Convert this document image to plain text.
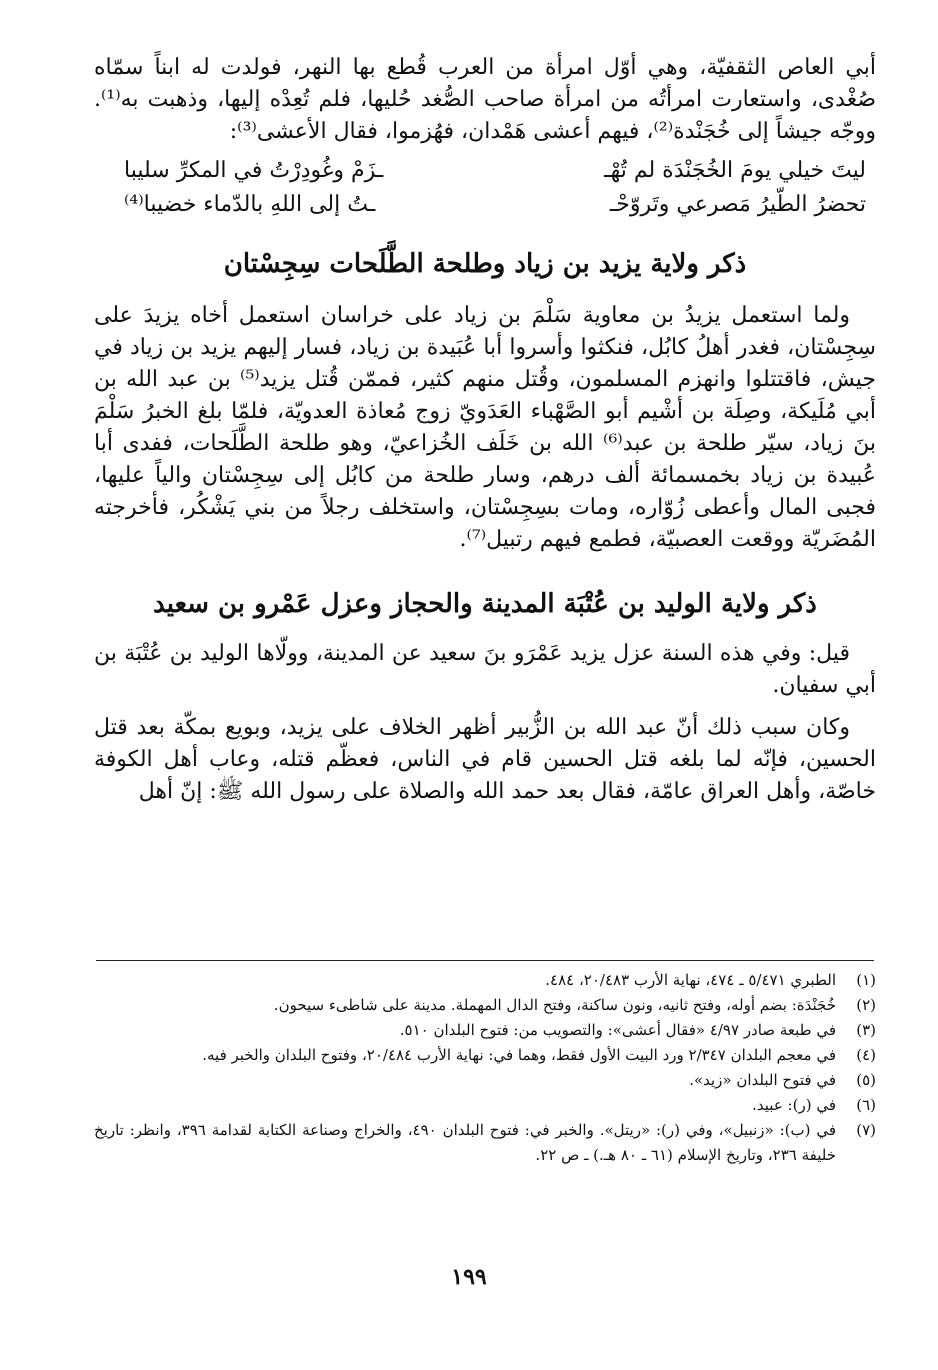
أبي العاص الثقفيّة، وهي أوّل امرأة من العرب قُطع بها النهر، فولدت له ابناً سمّاه صُغْدى، واستعارت امرأتُه من امرأة صاحب الصُّغد حُليها، فلم تُعِدْه إليها، وذهبت به⁽¹⁾. ووجّه جيشاً إلى خُجَنْدة⁽²⁾، فيهم أعشى هَمْدان، فهُزموا، فقال الأعشى⁽³⁾:

ليتَ خيلي يومَ الخُجَنْدَة لم تُهْـ
ـزَمْ وغُودِرْتُ في المكرِّ سليبا
تحضرُ الطّيرُ مَصرعي وتَروّحْـ
ـتُ إلى اللهِ بالدّماء خضيبا⁽⁴⁾
ذكر ولاية يزيد بن زياد وطلحة الطَّلَحات سِجِسْتان

ولما استعمل يزيدُ بن معاوية سَلْمَ بن زياد على خراسان استعمل أخاه يزيدَ على سِجِسْتان، فغدر أهلُ كابُل، فنكثوا وأسروا أبا عُبَيدة بن زياد، فسار إليهم يزيد بن زياد في جيش، فاقتتلوا وانهزم المسلمون، وقُتل منهم كثير، فممّن قُتل يزيد⁽⁵⁾ بن عبد الله بن أبي مُلَيكة، وصِلَة بن أشْيم أبو الصَّهْباء العَدَويّ زوج مُعاذة العدويّة، فلمّا بلغ الخبرُ سَلْمَ بنَ زياد، سيّر طلحة بن عبد⁽⁶⁾ الله بن خَلَف الخُزاعيّ، وهو طلحة الطَّلَحات، ففدى أبا عُبيدة بن زياد بخمسمائة ألف درهم، وسار طلحة من كابُل إلى سِجِسْتان والياً عليها، فجبى المال وأعطى زُوّاره، ومات بسِجِسْتان، واستخلف رجلاً من بني يَشْكُر، فأخرجته المُضَريّة ووقعت العصبيّة، فطمع فيهم رتبيل⁽⁷⁾.

ذكر ولاية الوليد بن عُتْبَة المدينة والحجاز وعزل عَمْرو بن سعيد

قيل: وفي هذه السنة عزل يزيد عَمْرَو بنَ سعيد عن المدينة، وولّاها الوليد بن عُتْبَة بن أبي سفيان.

وكان سبب ذلك أنّ عبد الله بن الزُّبير أظهر الخلاف على يزيد، وبويع بمكّة بعد قتل الحسين، فإنّه لما بلغه قتل الحسين قام في الناس، فعظّم قتله، وعاب أهل الكوفة خاصّة، وأهل العراق عامّة، فقال بعد حمد الله والصلاة على رسول الله ﷺ: إنّ أهل

(١)
الطبري ٥/٤٧١ ـ ٤٧٤، نهاية الأرب ٢٠/٤٨٣، ٤٨٤.
(٢)
خُجَنْدَة: بضم أوله، وفتح ثانيه، ونون ساكنة، وفتح الدال المهملة. مدينة على شاطىء سيحون.
(٣)
في طبعة صادر ٤/٩٧ «فقال أعشى»: والتصويب من: فتوح البلدان ٥١٠.
(٤)
في معجم البلدان ٢/٣٤٧ ورد البيت الأول فقط، وهما في: نهاية الأرب ٢٠/٤٨٤، وفتوح البلدان والخبر فيه.
(٥)
في فتوح البلدان «زيد».
(٦)
في (ر): عبيد.
(٧)
في (ب): «زنبيل»، وفي (ر): «ريتل». والخبر في: فتوح البلدان ٤٩٠، والخراج وصناعة الكتابة لقدامة ٣٩٦، وانظر: تاريخ خليفة ٢٣٦، وتاريخ الإسلام (٦١ ـ ٨٠ هـ.) ـ ص ٢٢.
١٩٩
